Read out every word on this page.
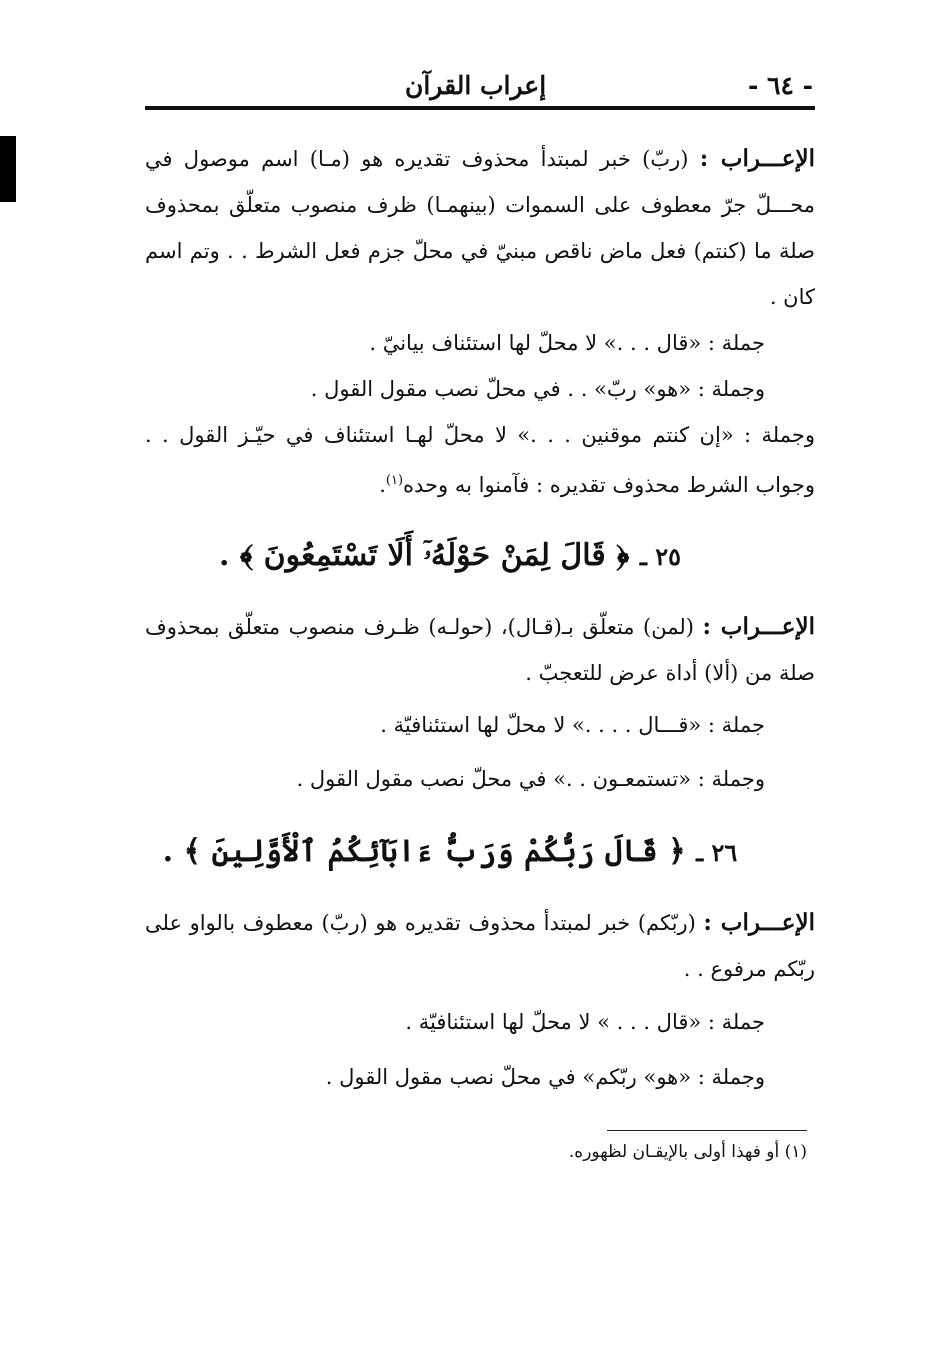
- ٦٤ -
إعراب القرآن

الإعـــراب : (ربّ) خبر لمبتدأ محذوف تقديره هو (مـا) اسم موصول في محـــلّ جرّ معطوف على السموات (بينهمـا) ظرف منصوب متعلّق بمحذوف صلة ما (كنتم) فعل ماض ناقص مبنيّ في محلّ جزم فعل الشرط . . وتم اسم كان .

جملة : «قال . . .» لا محلّ لها استئناف بيانيّ .

وجملة : «هو» ربّ» . . في محلّ نصب مقول القول .

وجملة : «إن كنتم موقنين . . .» لا محلّ لهـا استئناف في حيّـز القول . . وجواب الشرط محذوف تقديره : فآمنوا به وحده$^{(١)}$.

٢٥ ـ ﴿ قَالَ لِمَنْ حَوْلَهُۥٓ أَلَا تَسْتَمِعُونَ ﴾ .

الإعـــراب : (لمن) متعلّق بـ(قـال)، (حولـه) ظـرف منصوب متعلّق بمحذوف صلة من (ألا) أداة عرض للتعجبّ .

جملة : «قـــال . . . .» لا محلّ لها استئنافيّة .

وجملة : «تستمعـون . .» في محلّ نصب مقول القول .

٢٦ ـ ﴿ قَالَ رَبُّكُمْ وَرَبُّ ءَابَآئِكُمُ ٱلْأَوَّلِينَ ﴾ .

الإعـــراب : (ربّكم) خبر لمبتدأ محذوف تقديره هو (ربّ) معطوف بالواو على ربّكم مرفوع . .

جملة : «قال . . . » لا محلّ لها استئنافيّة .

وجملة : «هو» ربّكم» في محلّ نصب مقول القول .

(١) أو فهذا أولى بالإيقـان لظهوره.
